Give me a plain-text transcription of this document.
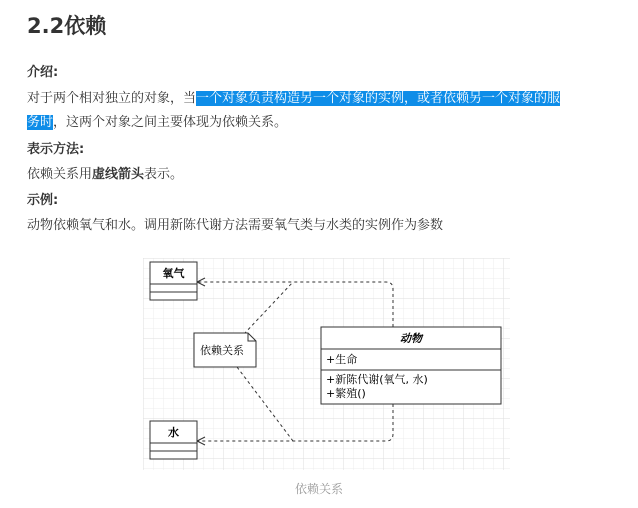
2.2依赖

介绍:

对于两个相对独立的对象，当一个对象负责构造另一个对象的实例，或者依赖另一个对象的服

务时，这两个对象之间主要体现为依赖关系。

表示方法:

依赖关系用虚线箭头表示。

示例:

动物依赖氧气和水。调用新陈代谢方法需要氧气类与水类的实例作为参数

氧气
水
依赖关系
动物
+生命
+新陈代谢(氧气, 水)
+繁殖()
依赖关系
